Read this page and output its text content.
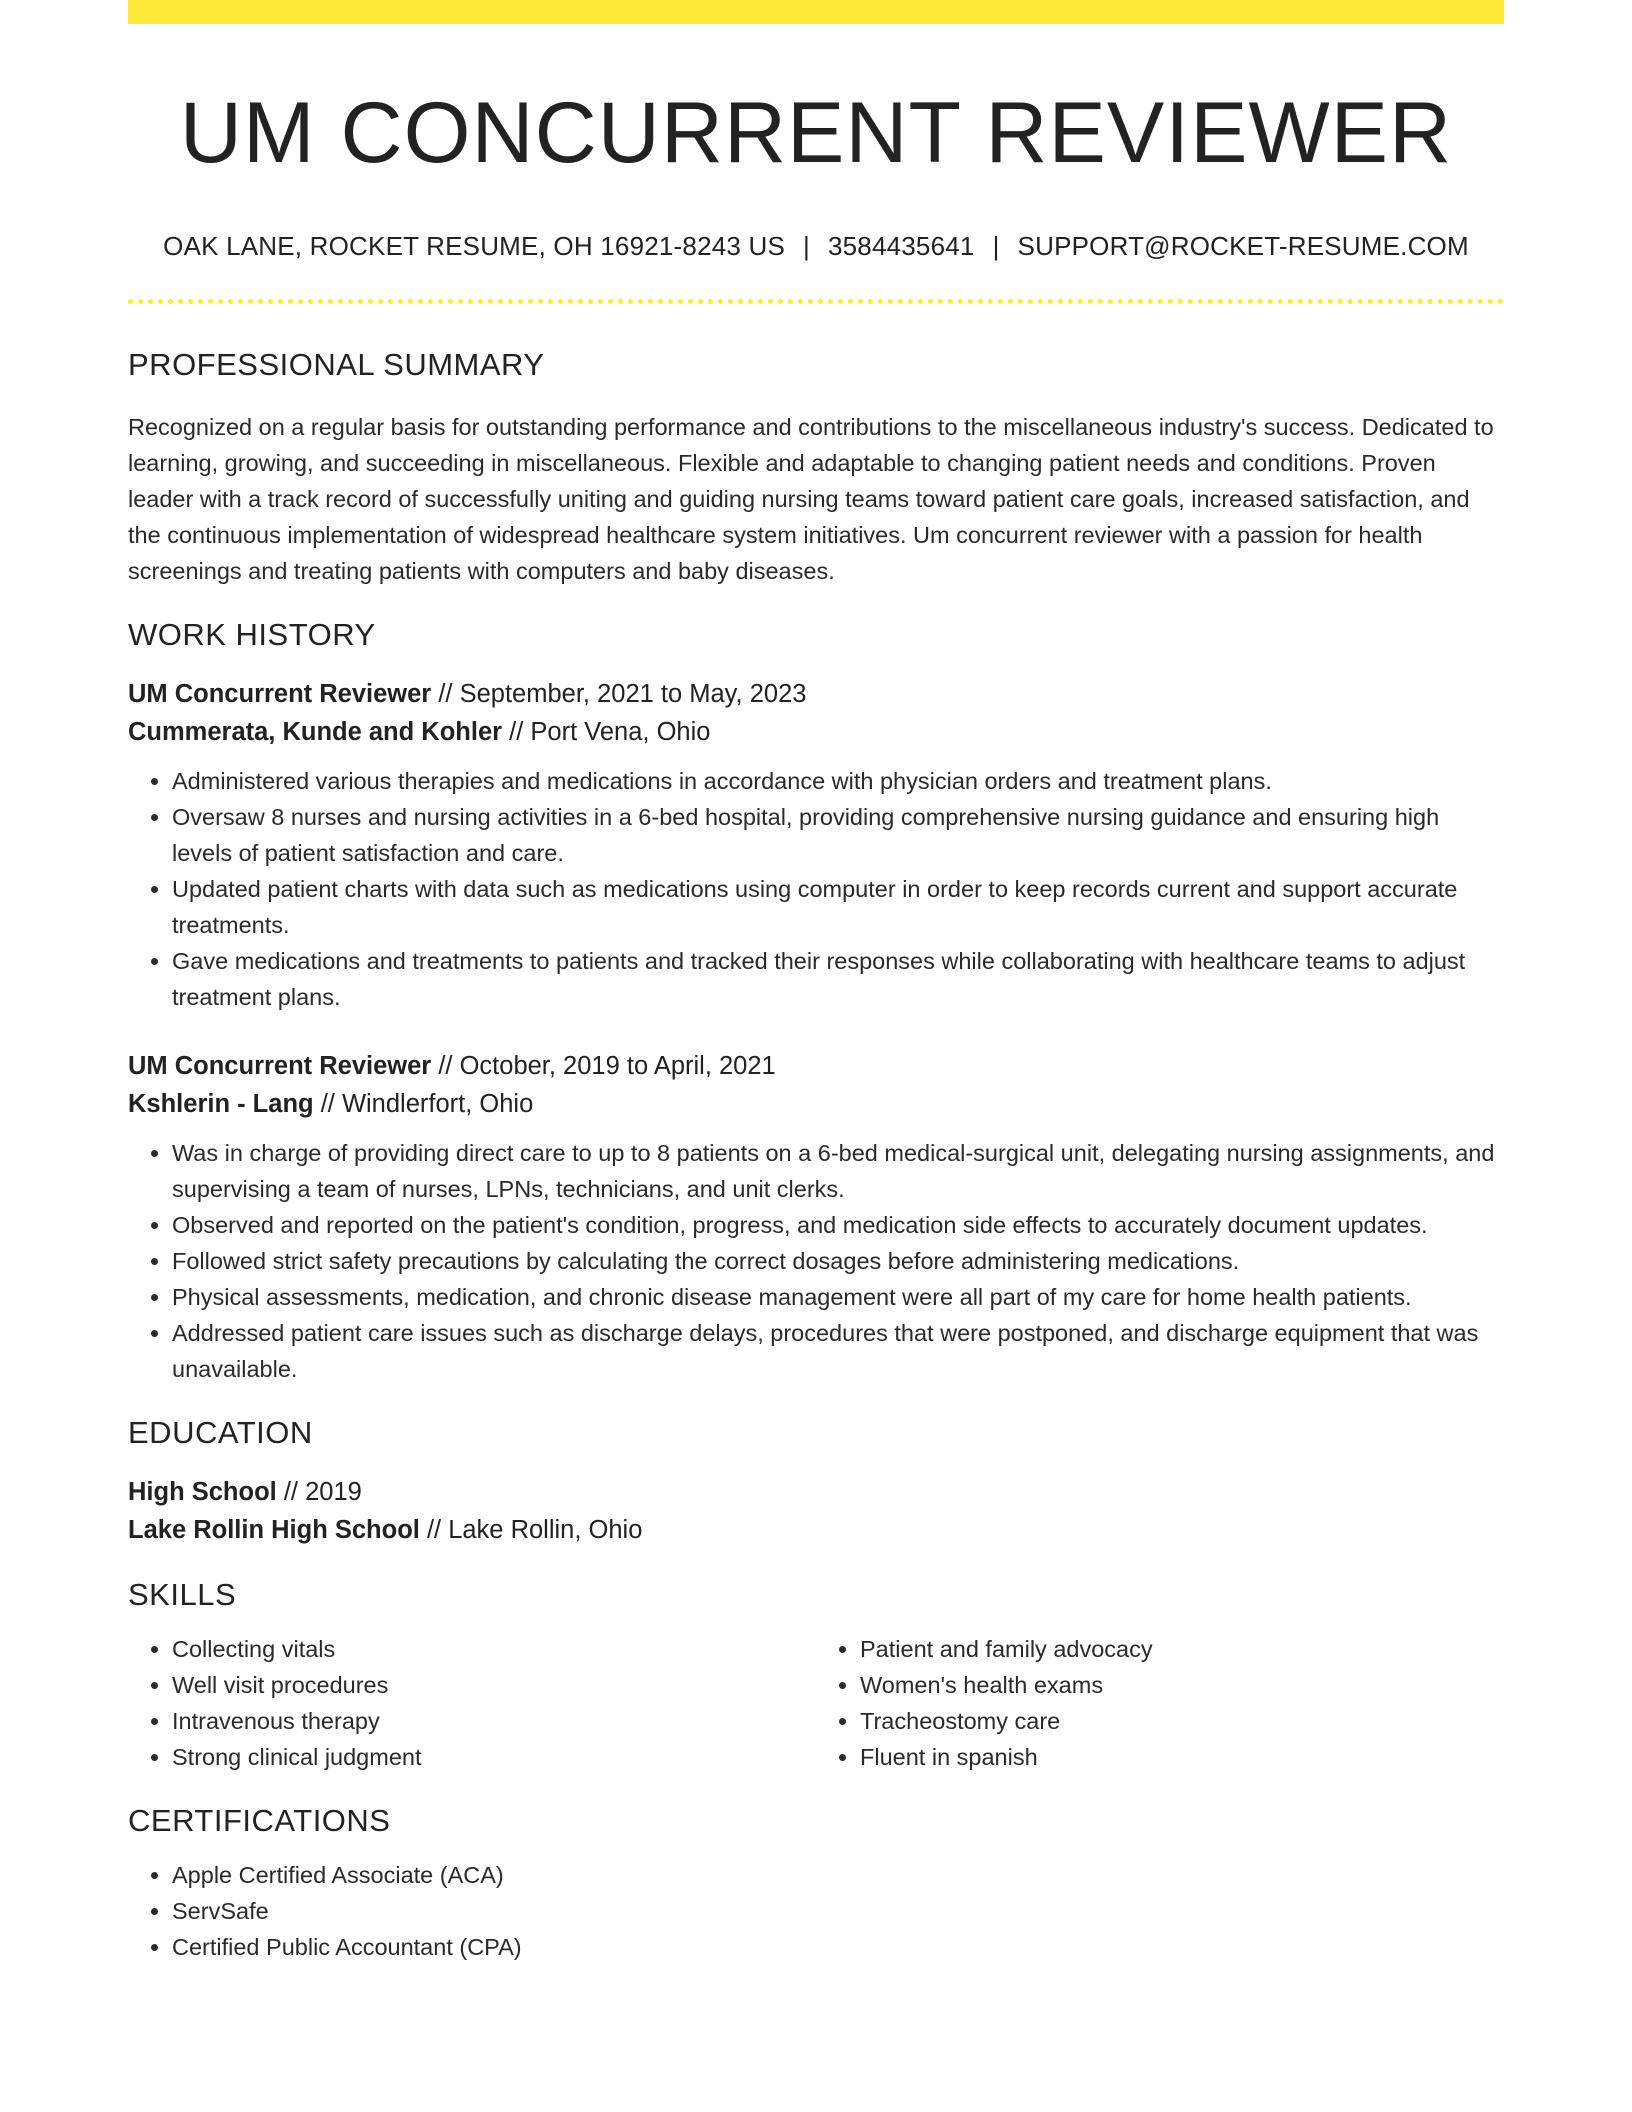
UM CONCURRENT REVIEWER
OAK LANE, ROCKET RESUME, OH 16921-8243 US | 3584435641 | SUPPORT@ROCKET-RESUME.COM
PROFESSIONAL SUMMARY
Recognized on a regular basis for outstanding performance and contributions to the miscellaneous industry's success. Dedicated to learning, growing, and succeeding in miscellaneous. Flexible and adaptable to changing patient needs and conditions. Proven leader with a track record of successfully uniting and guiding nursing teams toward patient care goals, increased satisfaction, and the continuous implementation of widespread healthcare system initiatives. Um concurrent reviewer with a passion for health screenings and treating patients with computers and baby diseases.
WORK HISTORY
UM Concurrent Reviewer // September, 2021 to May, 2023
Cummerata, Kunde and Kohler // Port Vena, Ohio
• Administered various therapies and medications in accordance with physician orders and treatment plans.
• Oversaw 8 nurses and nursing activities in a 6-bed hospital, providing comprehensive nursing guidance and ensuring high levels of patient satisfaction and care.
• Updated patient charts with data such as medications using computer in order to keep records current and support accurate treatments.
• Gave medications and treatments to patients and tracked their responses while collaborating with healthcare teams to adjust treatment plans.
UM Concurrent Reviewer // October, 2019 to April, 2021
Kshlerin - Lang // Windlerfort, Ohio
• Was in charge of providing direct care to up to 8 patients on a 6-bed medical-surgical unit, delegating nursing assignments, and supervising a team of nurses, LPNs, technicians, and unit clerks.
• Observed and reported on the patient's condition, progress, and medication side effects to accurately document updates.
• Followed strict safety precautions by calculating the correct dosages before administering medications.
• Physical assessments, medication, and chronic disease management were all part of my care for home health patients.
• Addressed patient care issues such as discharge delays, procedures that were postponed, and discharge equipment that was unavailable.
EDUCATION
High School // 2019
Lake Rollin High School // Lake Rollin, Ohio
SKILLS
• Collecting vitals
• Well visit procedures
• Intravenous therapy
• Strong clinical judgment
• Patient and family advocacy
• Women's health exams
• Tracheostomy care
• Fluent in spanish
CERTIFICATIONS
• Apple Certified Associate (ACA)
• ServSafe
• Certified Public Accountant (CPA)
